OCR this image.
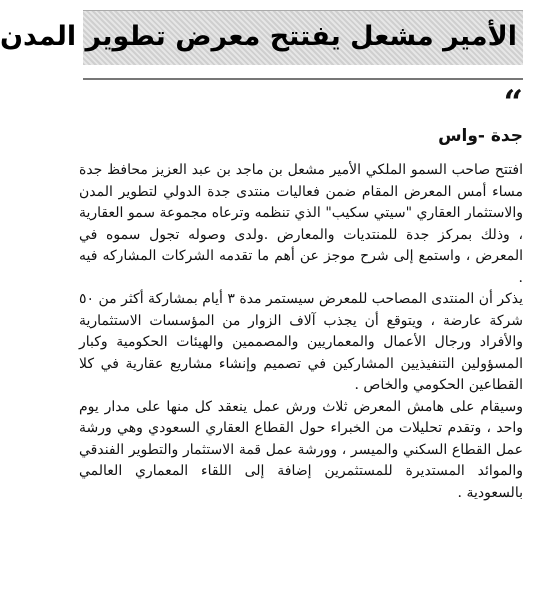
الأمير مشعل يفتتح معرض تطوير المدن
“
جدة -واس

افتتح صاحب السمو الملكي الأمير مشعل بن ماجد بن عبد العزيز محافظ جدة مساء أمس المعرض المقام ضمن فعاليات منتدى جدة الدولي لتطوير المدن والاستثمار العقاري "سيتي سكيب" الذي تنظمه وترعاه مجموعة سمو العقارية ، وذلك بمركز جدة للمنتديات والمعارض .ولدى وصوله تجول سموه في المعرض ، واستمع إلى شرح موجز عن أهم ما تقدمه الشركات المشاركه فيه .

يذكر أن المنتدى المصاحب للمعرض سيستمر مدة ٣ أيام بمشاركة أكثر من ٥٠ شركة عارضة ، ويتوقع أن يجذب آلاف الزوار من المؤسسات الاستثمارية والأفراد ورجال الأعمال والمعماريين والمصممين والهيئات الحكومية وكبار المسؤولين التنفيذيين المشاركين في تصميم وإنشاء مشاريع عقارية في كلا القطاعين الحكومي والخاص .

وسيقام على هامش المعرض ثلاث ورش عمل ينعقد كل منها على مدار يوم واحد ، وتقدم تحليلات من الخبراء حول القطاع العقاري السعودي وهي ورشة عمل القطاع السكني والميسر ، وورشة عمل قمة الاستثمار والتطوير الفندقي والموائد المستديرة للمستثمرين إضافة إلى اللقاء المعماري العالمي بالسعودية .
